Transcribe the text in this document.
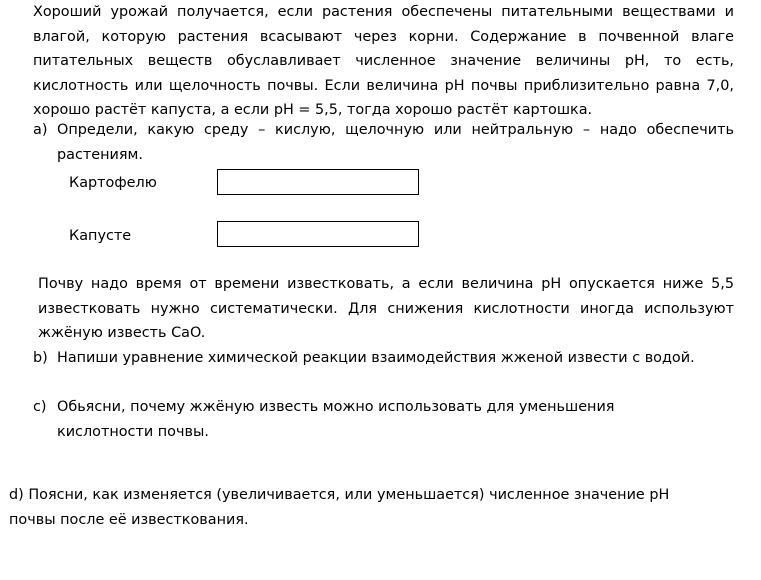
Хороший урожай получается, если растения обеспечены питательными веществами и влагой, которую растения всасывают через корни. Содержание в почвенной влаге питательных веществ обуславливает численное значение величины pH, то есть, кислотность или щелочность почвы. Если величина pH почвы приблизительно равна 7,0, хорошо растёт капуста, а если pH = 5,5, тогда хорошо растёт картошка.

a) Определи, какую среду – кислую, щелочную или нейтральную – надо обеспечить растениям.

Картофелю
Капусте

Почву надо время от времени известковать, а если величина pH опускается ниже 5,5 известковать нужно систематически. Для снижения кислотности иногда используют жжёную известь CaO.

b) Напиши уравнение химической реакции взаимодействия жженой извести с водой.
c) Обьясни, почему жжёную известь можно использовать для уменьшения кислотности почвы.

d) Поясни, как изменяется (увеличивается, или уменьшается) численное значение pH почвы после её известкования.
